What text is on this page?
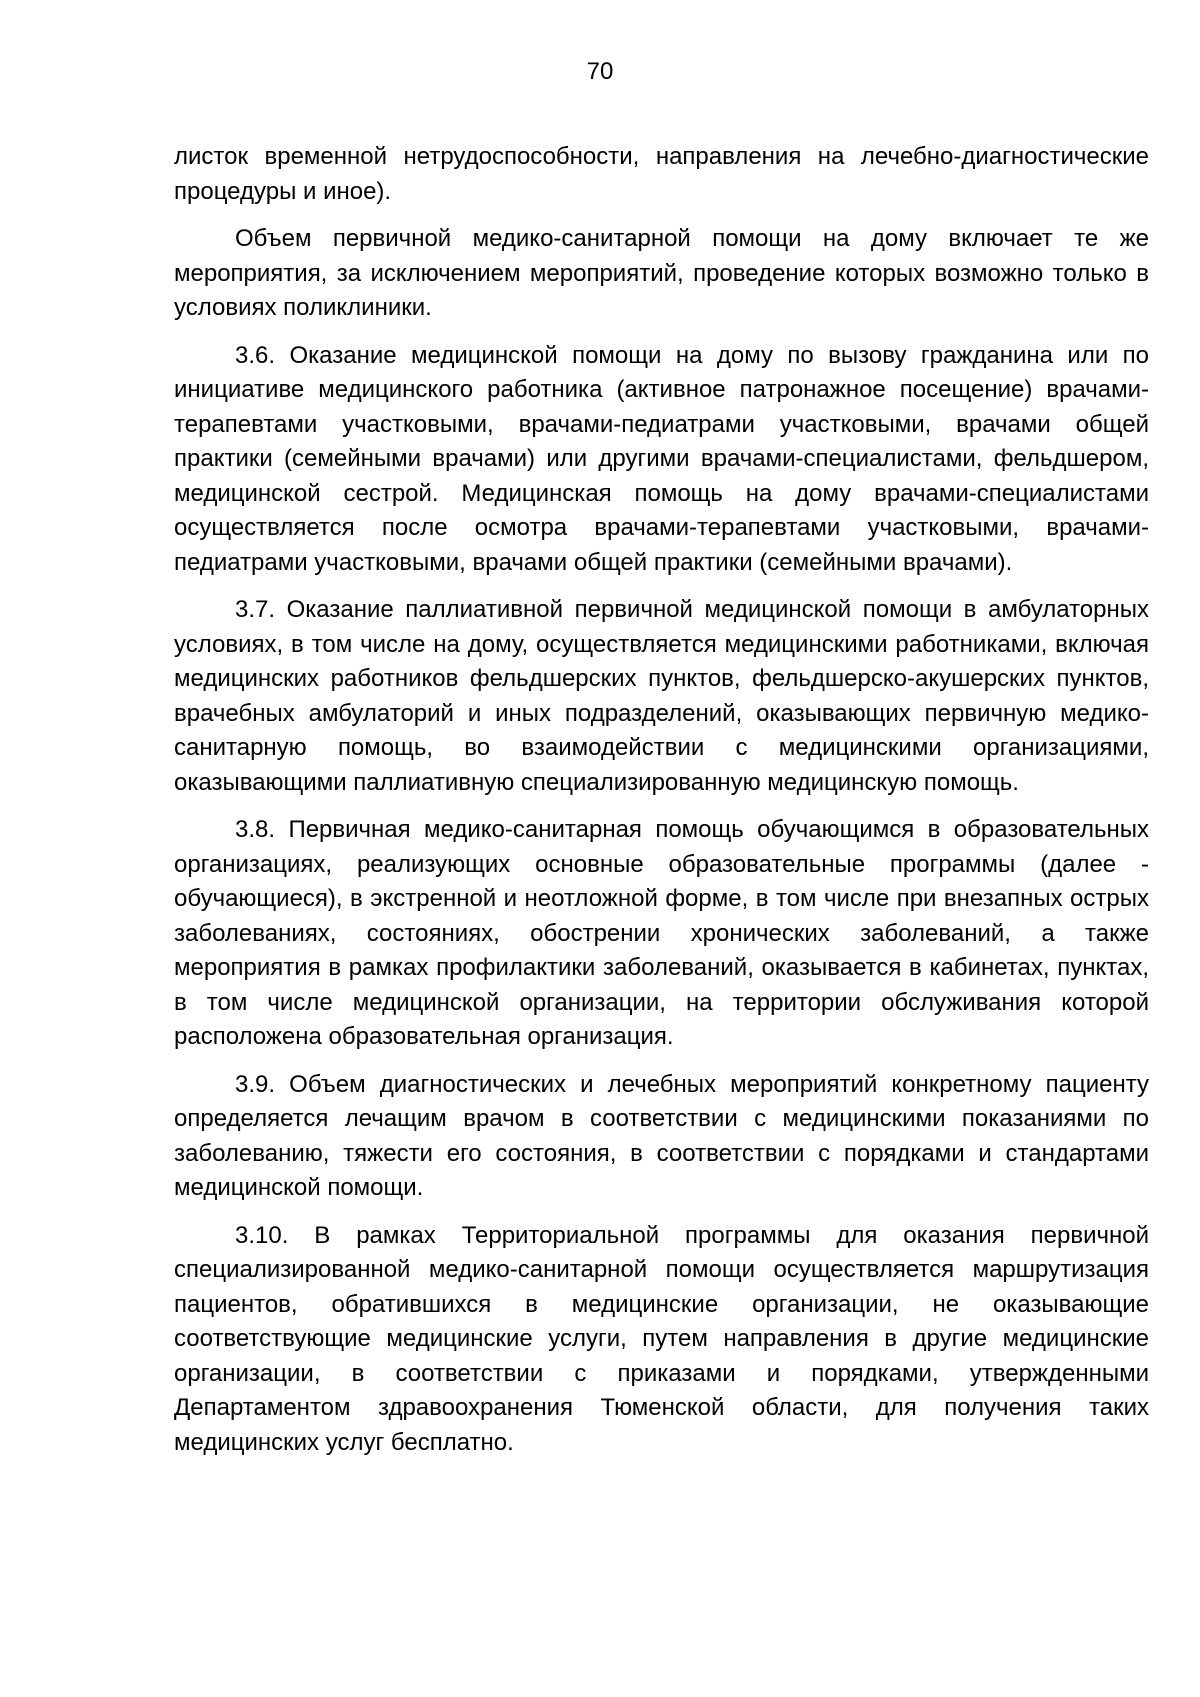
70

листок временной нетрудоспособности, направления на лечебно-диагностические процедуры и иное).

Объем первичной медико-санитарной помощи на дому включает те же мероприятия, за исключением мероприятий, проведение которых возможно только в условиях поликлиники.

3.6. Оказание медицинской помощи на дому по вызову гражданина или по инициативе медицинского работника (активное патронажное посещение) врачами-терапевтами участковыми, врачами-педиатрами участковыми, врачами общей практики (семейными врачами) или другими врачами-специалистами, фельдшером, медицинской сестрой. Медицинская помощь на дому врачами-специалистами осуществляется после осмотра врачами-терапевтами участковыми, врачами-педиатрами участковыми, врачами общей практики (семейными врачами).

3.7. Оказание паллиативной первичной медицинской помощи в амбулаторных условиях, в том числе на дому, осуществляется медицинскими работниками, включая медицинских работников фельдшерских пунктов, фельдшерско-акушерских пунктов, врачебных амбулаторий и иных подразделений, оказывающих первичную медико-санитарную помощь, во взаимодействии с медицинскими организациями, оказывающими паллиативную специализированную медицинскую помощь.

3.8. Первичная медико-санитарная помощь обучающимся в образовательных организациях, реализующих основные образовательные программы (далее - обучающиеся), в экстренной и неотложной форме, в том числе при внезапных острых заболеваниях, состояниях, обострении хронических заболеваний, а также мероприятия в рамках профилактики заболеваний, оказывается в кабинетах, пунктах, в том числе медицинской организации, на территории обслуживания которой расположена образовательная организация.

3.9. Объем диагностических и лечебных мероприятий конкретному пациенту определяется лечащим врачом в соответствии с медицинскими показаниями по заболеванию, тяжести его состояния, в соответствии с порядками и стандартами медицинской помощи.

3.10. В рамках Территориальной программы для оказания первичной специализированной медико-санитарной помощи осуществляется маршрутизация пациентов, обратившихся в медицинские организации, не оказывающие соответствующие медицинские услуги, путем направления в другие медицинские организации, в соответствии с приказами и порядками, утвержденными Департаментом здравоохранения Тюменской области, для получения таких медицинских услуг бесплатно.
